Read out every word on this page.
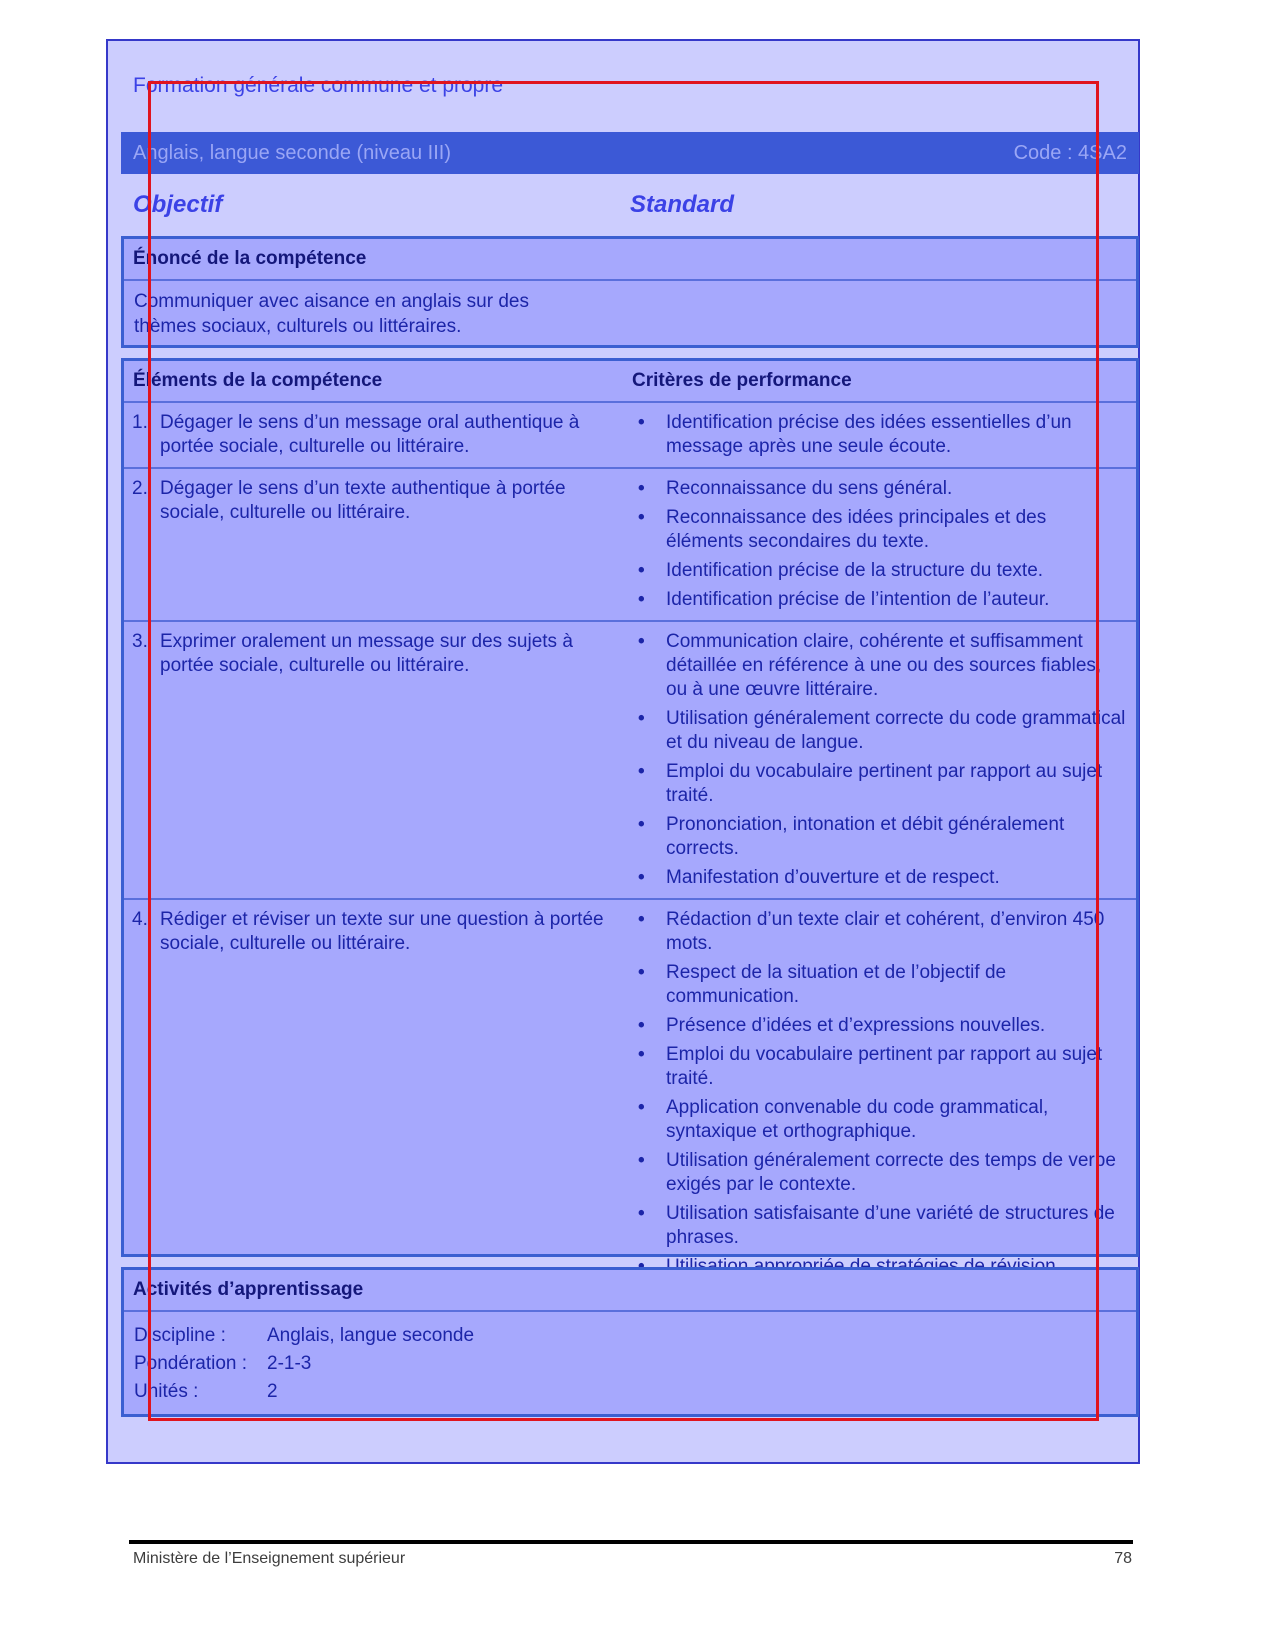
Formation générale commune et propre
Anglais, langue seconde (niveau III)	Code : 4SA2
Objectif	Standard
Énoncé de la compétence
Communiquer avec aisance en anglais sur des
thèmes sociaux, culturels ou littéraires.
Éléments de la compétence	Critères de performance
1. Dégager le sens d’un message oral authentique à portée sociale, culturelle ou littéraire.
•	Identification précise des idées essentielles d’un message après une seule écoute.
2. Dégager le sens d’un texte authentique à portée sociale, culturelle ou littéraire.
•	Reconnaissance du sens général.
•	Reconnaissance des idées principales et des éléments secondaires du texte.
•	Identification précise de la structure du texte.
•	Identification précise de l’intention de l’auteur.
3. Exprimer oralement un message sur des sujets à portée sociale, culturelle ou littéraire.
•	Communication claire, cohérente et suffisamment détaillée en référence à une ou des sources fiables, ou à une œuvre littéraire.
•	Utilisation généralement correcte du code grammatical et du niveau de langue.
•	Emploi du vocabulaire pertinent par rapport au sujet traité.
•	Prononciation, intonation et débit généralement corrects.
•	Manifestation d’ouverture et de respect.
4. Rédiger et réviser un texte sur une question à portée sociale, culturelle ou littéraire.
•	Rédaction d’un texte clair et cohérent, d’environ 450 mots.
•	Respect de la situation et de l’objectif de communication.
•	Présence d’idées et d’expressions nouvelles.
•	Emploi du vocabulaire pertinent par rapport au sujet traité.
•	Application convenable du code grammatical, syntaxique et orthographique.
•	Utilisation généralement correcte des temps de verbe exigés par le contexte.
•	Utilisation satisfaisante d’une variété de structures de phrases.
Activités d’apprentissage
Discipline :	Anglais, langue seconde
Pondération :	2-1-3
Unités :	2
Ministère de l’Enseignement supérieur	78
